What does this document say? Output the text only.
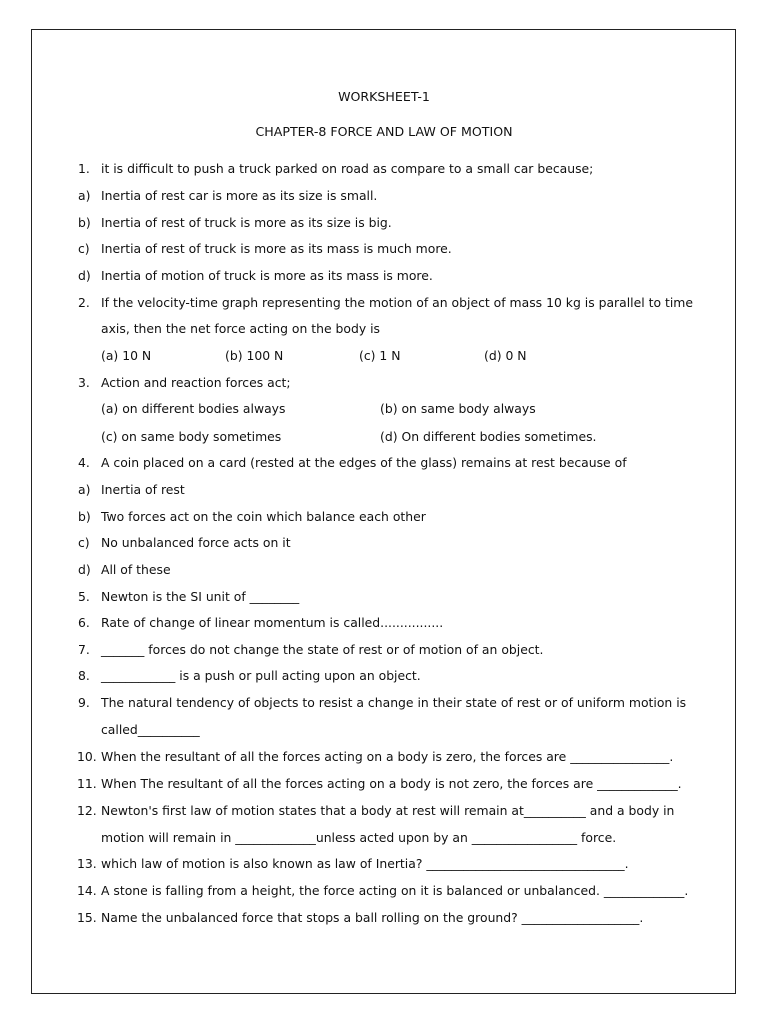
WORKSHEET-1
CHAPTER-8 FORCE AND LAW OF MOTION
1. it is difficult to push a truck parked on road as compare to a small car because;
a) Inertia of rest car is more as its size is small.
b) Inertia of rest of truck is more as its size is big.
c) Inertia of rest of truck is more as its mass is much more.
d) Inertia of motion of truck is more as its mass is more.
2. If the velocity-time graph representing the motion of an object of mass 10 kg is parallel to time
axis, then the net force acting on the body is
(a) 10 N	(b) 100 N	(c) 1 N	(d) 0 N
3. Action and reaction forces act;
(a) on different bodies always	(b) on same body always
(c) on same body sometimes	(d) On different bodies sometimes.
4. A coin placed on a card (rested at the edges of the glass) remains at rest because of
a) Inertia of rest
b) Two forces act on the coin which balance each other
c) No unbalanced force acts on it
d) All of these
5. Newton is the SI unit of ________
6. Rate of change of linear momentum is called................
7. _______ forces do not change the state of rest or of motion of an object.
8. ____________ is a push or pull acting upon an object.
9. The natural tendency of objects to resist a change in their state of rest or of uniform motion is
called__________
10. When the resultant of all the forces acting on a body is zero, the forces are ________________.
11. When The resultant of all the forces acting on a body is not zero, the forces are _____________.
12. Newton's first law of motion states that a body at rest will remain at__________ and a body in
motion will remain in _____________unless acted upon by an _________________ force.
13. which law of motion is also known as law of Inertia? ________________________________.
14. A stone is falling from a height, the force acting on it is balanced or unbalanced. _____________.
15. Name the unbalanced force that stops a ball rolling on the ground? ___________________.
